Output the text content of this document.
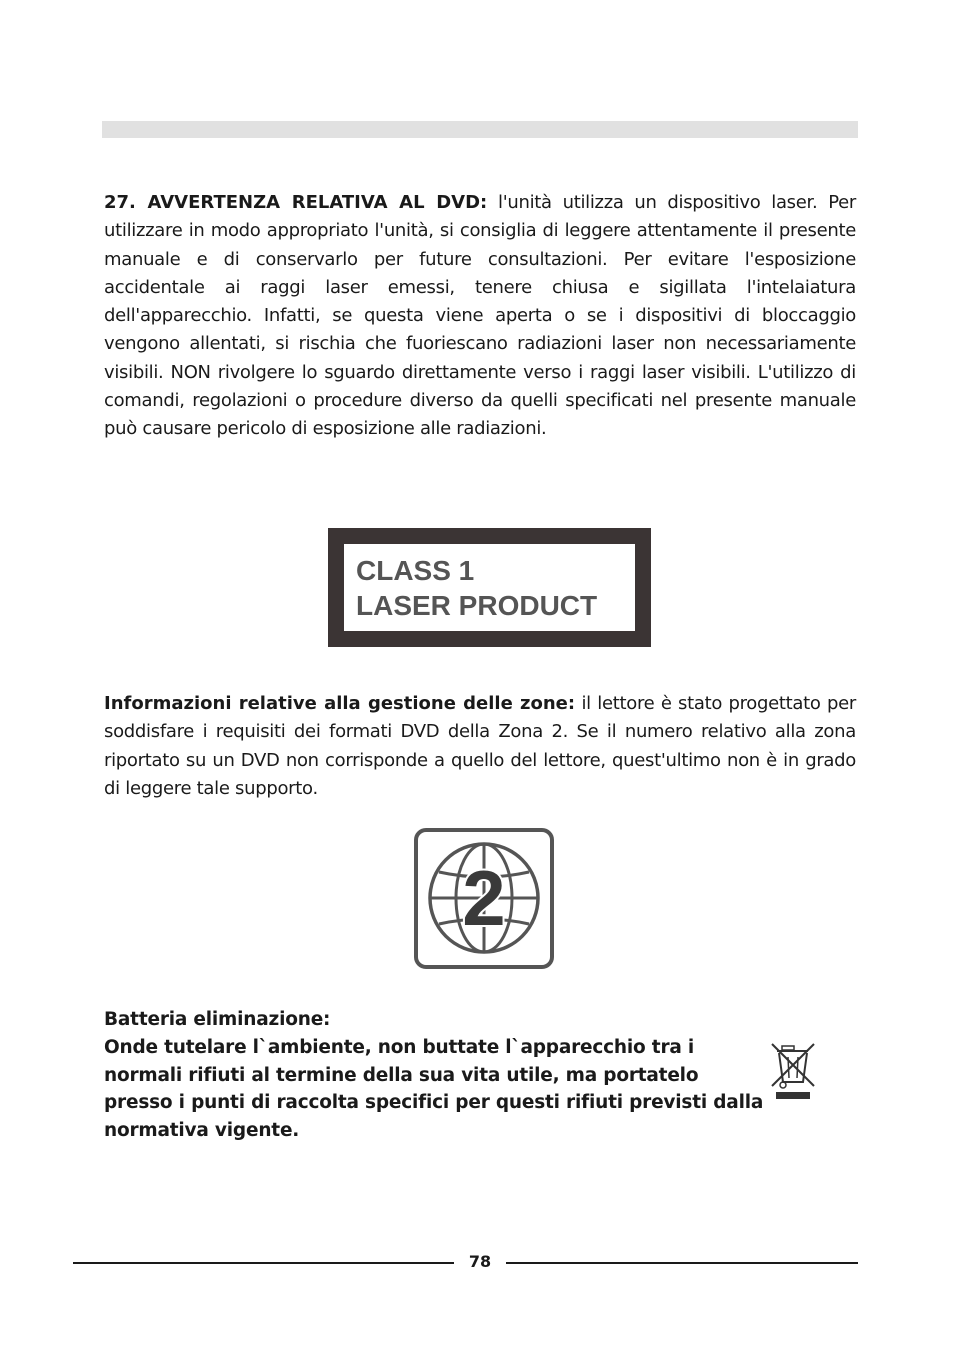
27. AVVERTENZA RELATIVA AL DVD: l'unità utilizza un dispositivo laser. Per utilizzare in modo appropriato l'unità, si consiglia di leggere attentamente il presente manuale e di conservarlo per future consultazioni. Per evitare l'esposizione accidentale ai raggi laser emessi, tenere chiusa e sigillata l'intelaiatura dell'apparecchio. Infatti, se questa viene aperta o se i dispositivi di bloccaggio vengono allentati, si rischia che fuoriescano radiazioni laser non necessariamente visibili. NON rivolgere lo sguardo direttamente verso i raggi laser visibili. L'utilizzo di comandi, regolazioni o procedure diverso da quelli specificati nel presente manuale può causare pericolo di esposizione alle radiazioni.

CLASS 1
LASER PRODUCT

Informazioni relative alla gestione delle zone: il lettore è stato progettato per soddisfare i requisiti dei formati DVD della Zona 2. Se il numero relativo alla zona riportato su un DVD non corrisponde a quello del lettore, quest'ultimo non è in grado di leggere tale supporto.

2
Batteria eliminazione:
Onde tutelare l`ambiente, non buttate l`apparecchio tra i normali rifiuti al termine della sua vita utile, ma portatelo presso i punti di raccolta specifici per questi rifiuti previsti dalla normativa vigente.
78
